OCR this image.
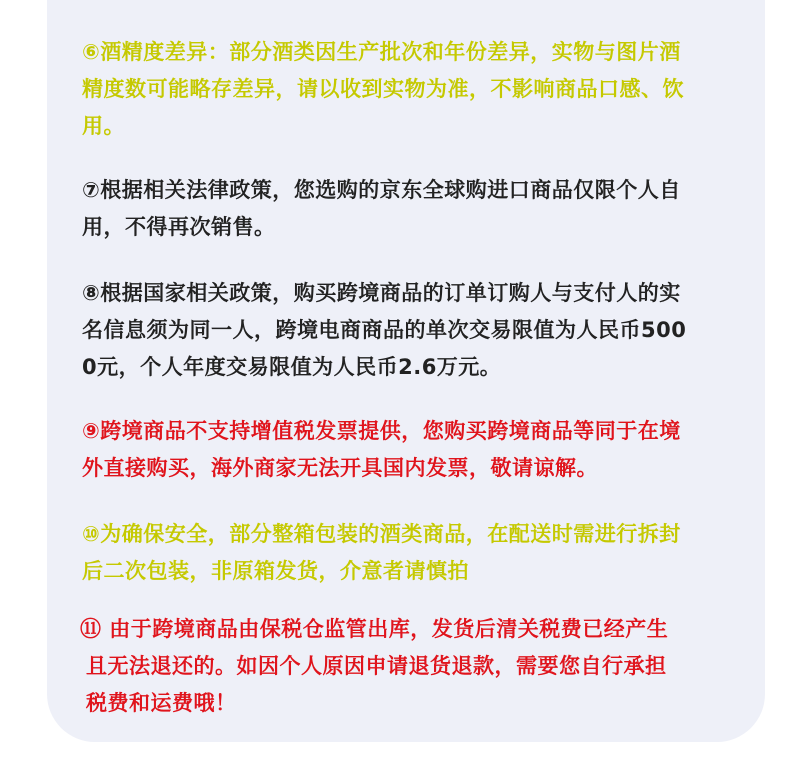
⑥酒精度差异：部分酒类因生产批次和年份差异，实物与图片酒
精度数可能略存差异，请以收到实物为准，不影响商品口感、饮
用。
⑦根据相关法律政策，您选购的京东全球购进口商品仅限个人自
用，不得再次销售。
⑧根据国家相关政策，购买跨境商品的订单订购人与支付人的实
名信息须为同一人，跨境电商商品的单次交易限值为人民币500
0元，个人年度交易限值为人民币2.6万元。
⑨跨境商品不支持增值税发票提供，您购买跨境商品等同于在境
外直接购买，海外商家无法开具国内发票，敬请谅解。
⑩为确保安全，部分整箱包装的酒类商品，在配送时需进行拆封
后二次包装，非原箱发货，介意者请慎拍
⑪ 由于跨境商品由保税仓监管出库，发货后清关税费已经产生
且无法退还的。如因个人原因申请退货退款，需要您自行承担
税费和运费哦！
